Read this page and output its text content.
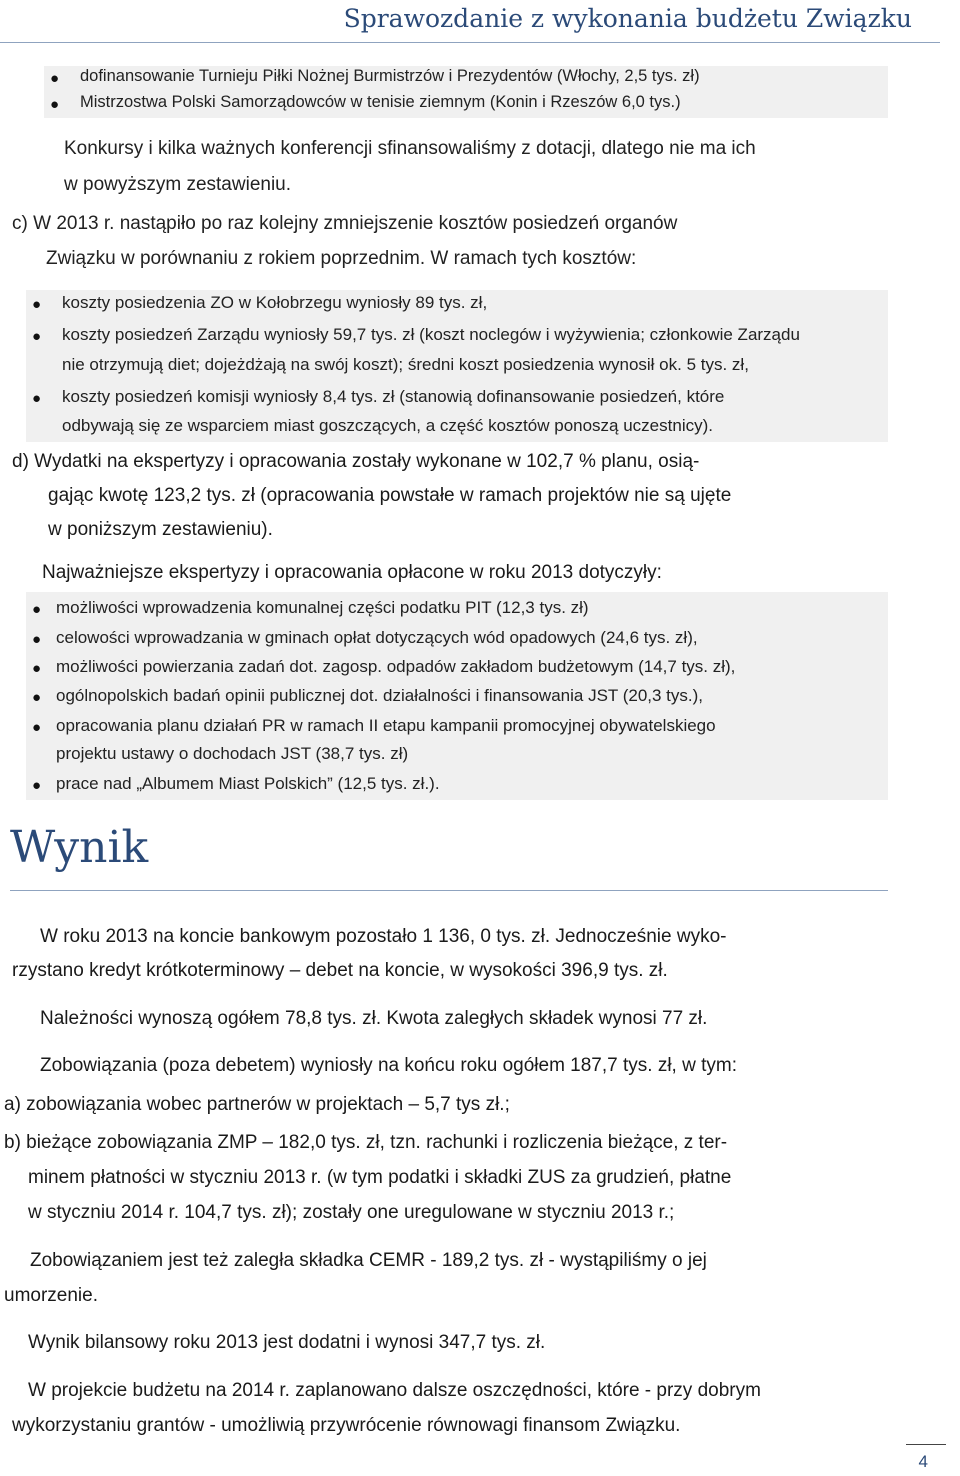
Sprawozdanie z wykonania budżetu Związku
● dofinansowanie Turnieju Piłki Nożnej Burmistrzów i Prezydentów (Włochy, 2,5 tys. zł)
● Mistrzostwa Polski Samorządowców w tenisie ziemnym (Konin i Rzeszów 6,0 tys.)
Konkursy i kilka ważnych konferencji sfinansowaliśmy z dotacji, dlatego nie ma ich
w powyższym zestawieniu.
c) W 2013 r. nastąpiło po raz kolejny zmniejszenie kosztów posiedzeń organów
Związku w porównaniu z rokiem poprzednim. W ramach tych kosztów:
● koszty posiedzenia ZO w Kołobrzegu wyniosły 89 tys. zł,
● koszty posiedzeń Zarządu wyniosły 59,7 tys. zł (koszt noclegów i wyżywienia; członkowie Zarządu
nie otrzymują diet; dojeżdżają na swój koszt); średni koszt posiedzenia wynosił ok. 5 tys. zł,
● koszty posiedzeń komisji wyniosły 8,4 tys. zł (stanowią dofinansowanie posiedzeń, które
odbywają się ze wsparciem miast goszczących, a część kosztów ponoszą uczestnicy).
d) Wydatki na ekspertyzy i opracowania zostały wykonane w 102,7 % planu, osią-
gając kwotę 123,2 tys. zł (opracowania powstałe w ramach projektów nie są ujęte
w poniższym zestawieniu).
Najważniejsze ekspertyzy i opracowania opłacone w roku 2013 dotyczyły:
● możliwości wprowadzenia komunalnej części podatku PIT (12,3 tys. zł)
● celowości wprowadzania w gminach opłat dotyczących wód opadowych (24,6 tys. zł),
● możliwości powierzania zadań dot. zagosp. odpadów zakładom budżetowym (14,7 tys. zł),
● ogólnopolskich badań opinii publicznej dot. działalności i finansowania JST (20,3 tys.),
● opracowania planu działań PR w ramach II etapu kampanii promocyjnej obywatelskiego
projektu ustawy o dochodach JST (38,7 tys. zł)
● prace nad „Albumem Miast Polskich” (12,5 tys. zł.).
Wynik
W roku 2013 na koncie bankowym pozostało 1 136, 0 tys. zł. Jednocześnie wyko-
rzystano kredyt krótkoterminowy – debet na koncie, w wysokości 396,9 tys. zł.
Należności wynoszą ogółem 78,8 tys. zł. Kwota zaległych składek wynosi 77 zł.
Zobowiązania (poza debetem) wyniosły na końcu roku ogółem 187,7 tys. zł, w tym:
a) zobowiązania wobec partnerów w projektach – 5,7 tys zł.;
b) bieżące zobowiązania ZMP – 182,0 tys. zł, tzn. rachunki i rozliczenia bieżące, z ter-
minem płatności w styczniu 2013 r. (w tym podatki i składki ZUS za grudzień, płatne
w styczniu 2014 r. 104,7 tys. zł); zostały one uregulowane w styczniu 2013 r.;
Zobowiązaniem jest też zaległa składka CEMR - 189,2 tys. zł - wystąpiliśmy o jej
umorzenie.
Wynik bilansowy roku 2013 jest dodatni i wynosi 347,7 tys. zł.
W projekcie budżetu na 2014 r. zaplanowano dalsze oszczędności, które - przy dobrym
wykorzystaniu grantów - umożliwią przywrócenie równowagi finansom Związku.
4
